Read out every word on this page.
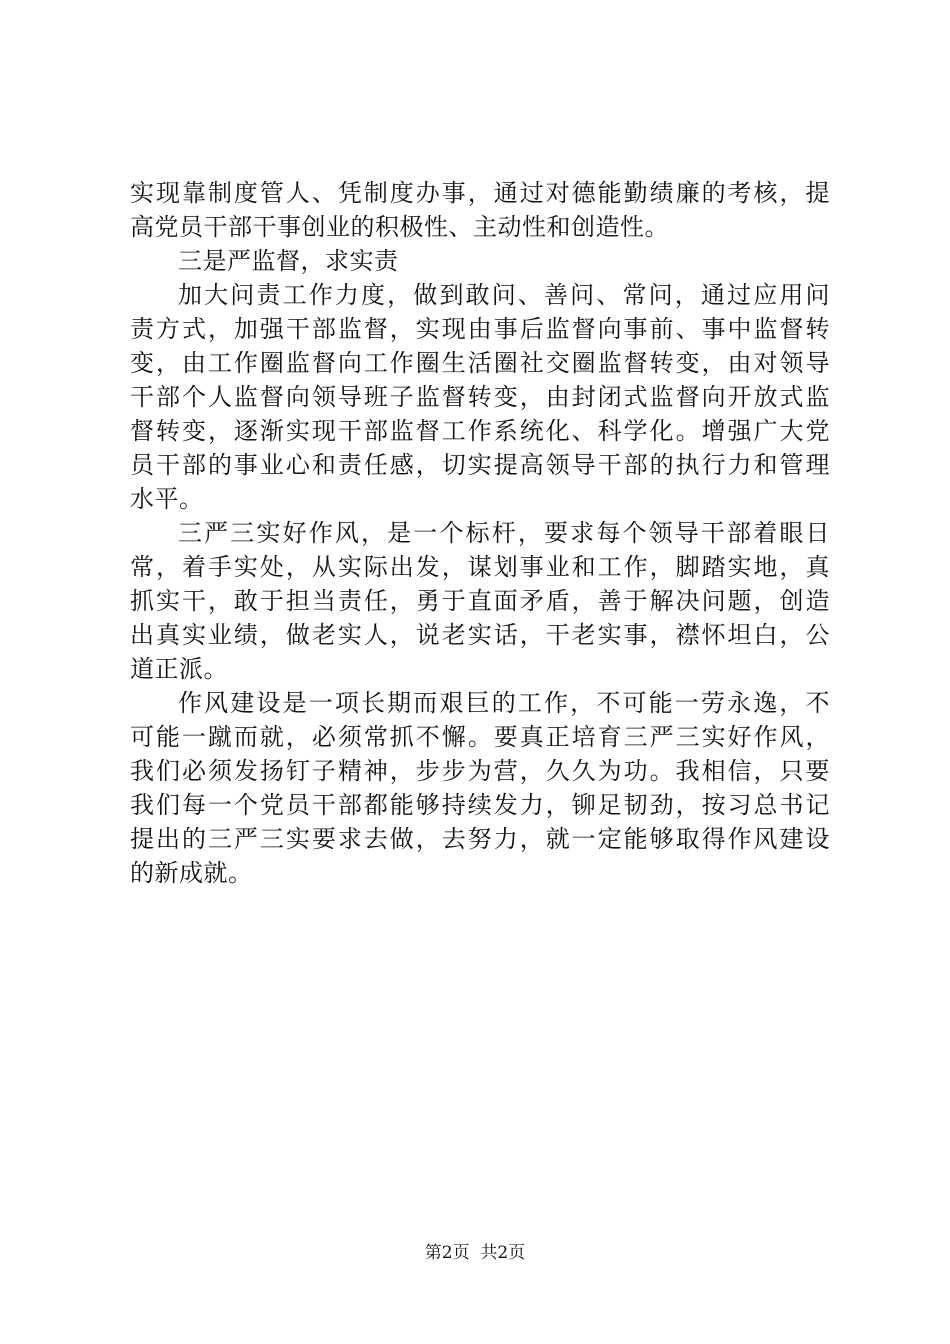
实现靠制度管人、凭制度办事，通过对德能勤绩廉的考核，提
高党员干部干事创业的积极性、主动性和创造性。
三是严监督，求实责
加大问责工作力度，做到敢问、善问、常问，通过应用问
责方式，加强干部监督，实现由事后监督向事前、事中监督转
变，由工作圈监督向工作圈生活圈社交圈监督转变，由对领导
干部个人监督向领导班子监督转变，由封闭式监督向开放式监
督转变，逐渐实现干部监督工作系统化、科学化。增强广大党
员干部的事业心和责任感，切实提高领导干部的执行力和管理
水平。
三严三实好作风，是一个标杆，要求每个领导干部着眼日
常，着手实处，从实际出发，谋划事业和工作，脚踏实地，真
抓实干，敢于担当责任，勇于直面矛盾，善于解决问题，创造
出真实业绩，做老实人，说老实话，干老实事，襟怀坦白，公
道正派。
作风建设是一项长期而艰巨的工作，不可能一劳永逸，不
可能一蹴而就，必须常抓不懈。要真正培育三严三实好作风，
我们必须发扬钉子精神，步步为营，久久为功。我相信，只要
我们每一个党员干部都能够持续发力，铆足韧劲，按习总书记
提出的三严三实要求去做，去努力，就一定能够取得作风建设
的新成就。
第2页  共2页
